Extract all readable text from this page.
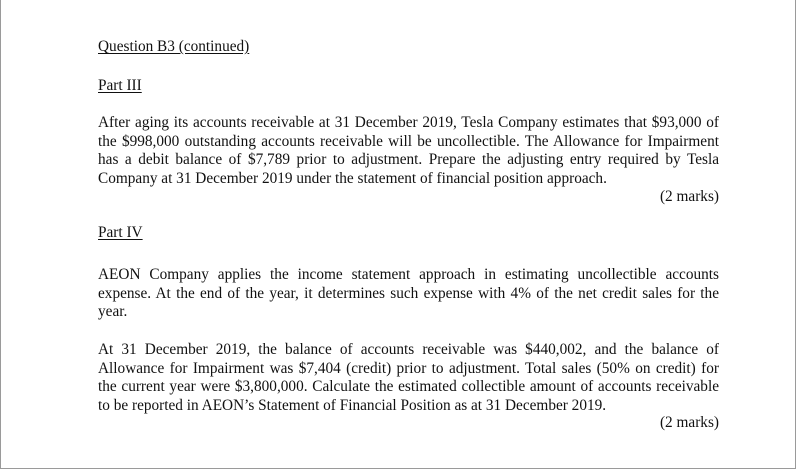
Question B3 (continued)

Part III

After aging its accounts receivable at 31 December 2019, Tesla Company estimates that $93,000 of the $998,000 outstanding accounts receivable will be uncollectible. The Allowance for Impairment has a debit balance of $7,789 prior to adjustment. Prepare the adjusting entry required by Tesla Company at 31 December 2019 under the statement of financial position approach.

(2 marks)

Part IV

AEON Company applies the income statement approach in estimating uncollectible accounts expense. At the end of the year, it determines such expense with 4% of the net credit sales for the year.

At 31 December 2019, the balance of accounts receivable was $440,002, and the balance of Allowance for Impairment was $7,404 (credit) prior to adjustment. Total sales (50% on credit) for the current year were $3,800,000. Calculate the estimated collectible amount of accounts receivable to be reported in AEON’s Statement of Financial Position as at 31 December 2019.

(2 marks)
